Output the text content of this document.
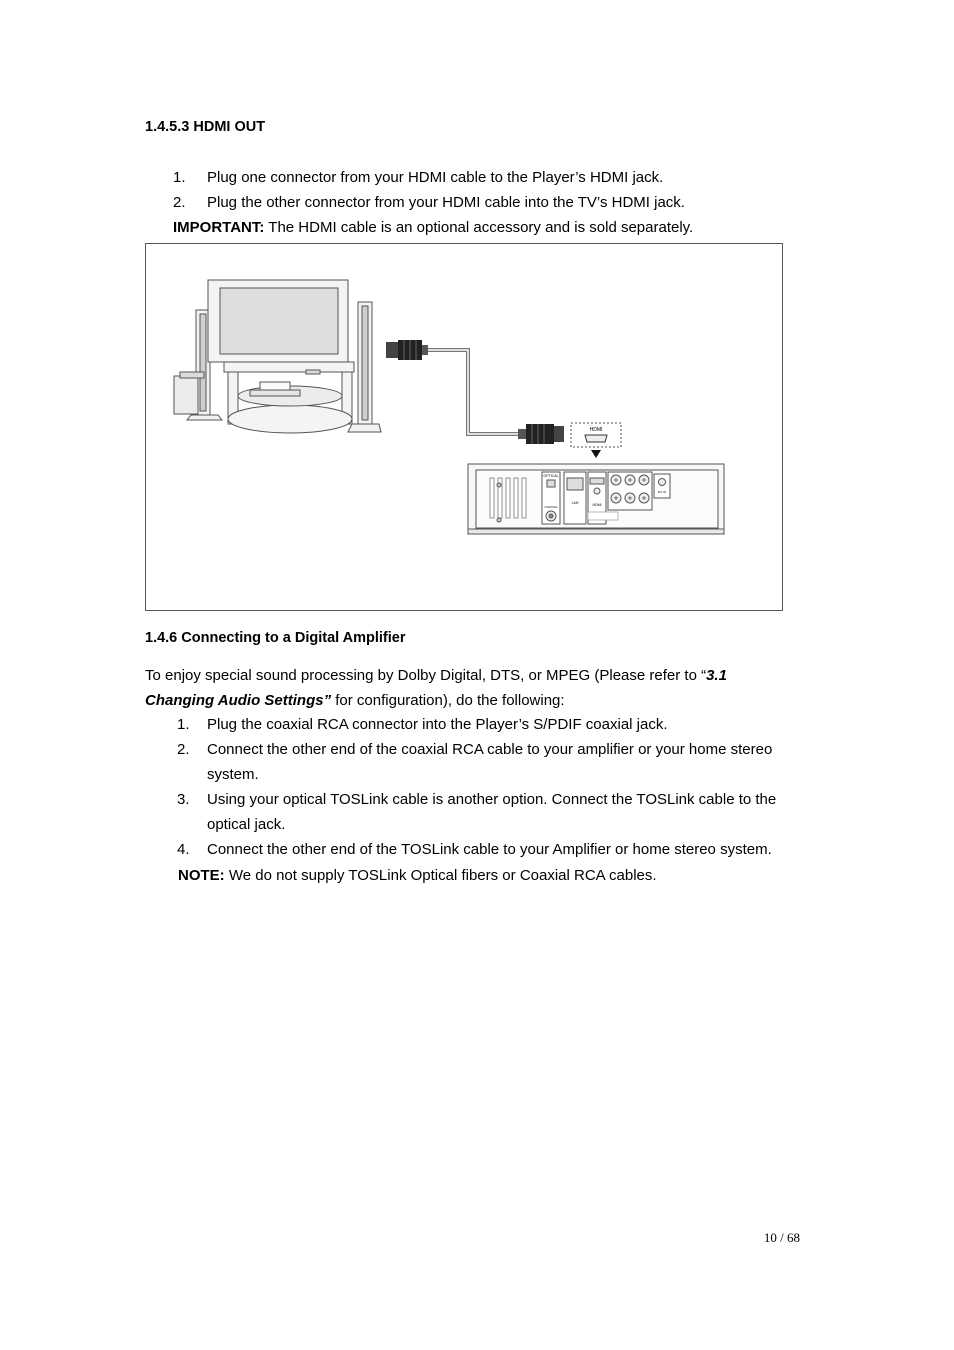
1.4.5.3 HDMI OUT
1. Plug one connector from your HDMI cable to the Player’s HDMI jack.
2. Plug the other connector from your HDMI cable into the TV’s HDMI jack.
IMPORTANT: The HDMI cable is an optional accessory and is sold separately.
HDMI
OPTICAL
COAXIAL
LAN	HDMI
DC IN
1.4.6 Connecting to a Digital Amplifier
To enjoy special sound processing by Dolby Digital, DTS, or MPEG (Please refer to “3.1
Changing Audio Settings” for configuration), do the following:
1. Plug the coaxial RCA connector into the Player’s S/PDIF coaxial jack.
2. Connect the other end of the coaxial RCA cable to your amplifier or your home stereo
system.
3. Using your optical TOSLink cable is another option. Connect the TOSLink cable to the
optical jack.
4. Connect the other end of the TOSLink cable to your Amplifier or home stereo system.
NOTE: We do not supply TOSLink Optical fibers or Coaxial RCA cables.
10 / 68
